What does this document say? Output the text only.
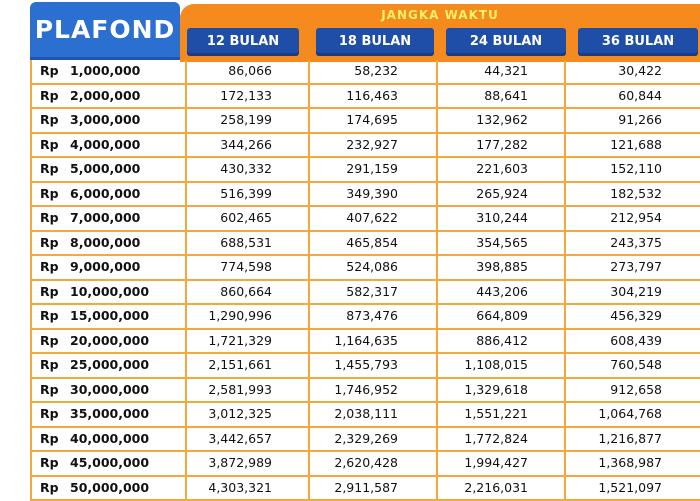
JANGKA WAKTU
12 BULAN	18 BULAN	24 BULAN	36 BULAN
PLAFOND
Rp 1,000,000	86,066	58,232	44,321	30,422
Rp 2,000,000	172,133	116,463	88,641	60,844
Rp 3,000,000	258,199	174,695	132,962	91,266
Rp 4,000,000	344,266	232,927	177,282	121,688
Rp 5,000,000	430,332	291,159	221,603	152,110
Rp 6,000,000	516,399	349,390	265,924	182,532
Rp 7,000,000	602,465	407,622	310,244	212,954
Rp 8,000,000	688,531	465,854	354,565	243,375
Rp 9,000,000	774,598	524,086	398,885	273,797
Rp 10,000,000	860,664	582,317	443,206	304,219
Rp 15,000,000	1,290,996	873,476	664,809	456,329
Rp 20,000,000	1,721,329	1,164,635	886,412	608,439
Rp 25,000,000	2,151,661	1,455,793	1,108,015	760,548
Rp 30,000,000	2,581,993	1,746,952	1,329,618	912,658
Rp 35,000,000	3,012,325	2,038,111	1,551,221	1,064,768
Rp 40,000,000	3,442,657	2,329,269	1,772,824	1,216,877
Rp 45,000,000	3,872,989	2,620,428	1,994,427	1,368,987
Rp 50,000,000	4,303,321	2,911,587	2,216,031	1,521,097
